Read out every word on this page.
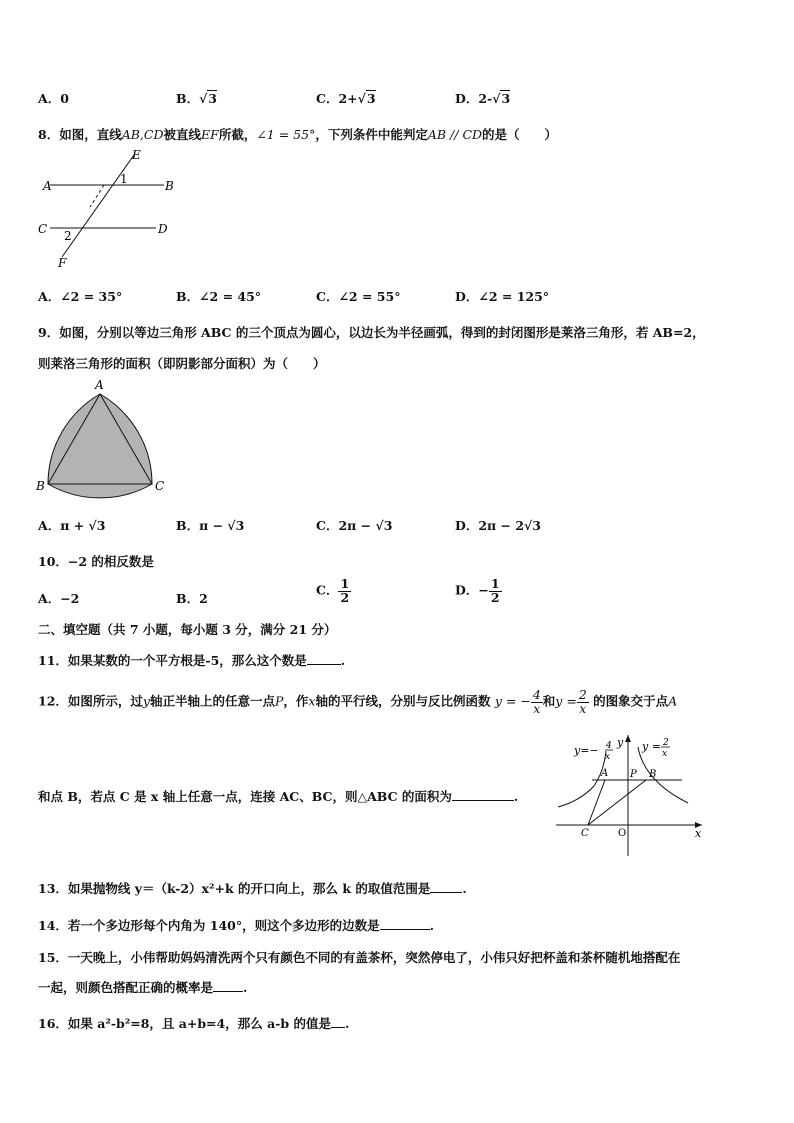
A．0	B．√3	C．2+√3	D．2-√3
8．如图，直线AB,CD被直线EF所截，∠1 = 55°，下列条件中能判定AB // CD的是（　　）
E
A	B
1
C	D
2
F
A．∠2 = 35°	B．∠2 = 45°	C．∠2 = 55°	D．∠2 = 125°
9．如图，分别以等边三角形 ABC 的三个顶点为圆心，以边长为半径画弧，得到的封闭图形是莱洛三角形，若 AB=2，
则莱洛三角形的面积（即阴影部分面积）为（　　）
A
B	C
A．π + √3	B．π − √3	C．2π − √3	D．2π − 2√3
10．−2 的相反数是
A．−2	B．2
C． $\frac{1}{2}$	D．− $\frac{1}{2}$
二、填空题（共 7 小题，每小题 3 分，满分 21 分）
11．如果某数的一个平方根是-5，那么这个数是	.
12．如图所示，过y轴正半轴上的任意一点P，作x轴的平行线，分别与反比例函数 y = − $\frac{4}{x}$ 和$y = \frac{2}{x}$ 的图象交于点A
和点 B，若点 C 是 x 轴上任意一点，连接 AC、BC，则△ABC 的面积为	.
y=− 4
x
y y = 2
x
A P B
C	O	x
13．如果抛物线 y＝（k-2）x²+k 的开口向上，那么 k 的取值范围是	.
14．若一个多边形每个内角为 140°，则这个多边形的边数是	.
15．一天晚上，小伟帮助妈妈清洗两个只有颜色不同的有盖茶杯，突然停电了，小伟只好把杯盖和茶杯随机地搭配在
一起，则颜色搭配正确的概率是 .
16．如果 a²-b²=8，且 a+b=4，那么 a-b 的值是 .
